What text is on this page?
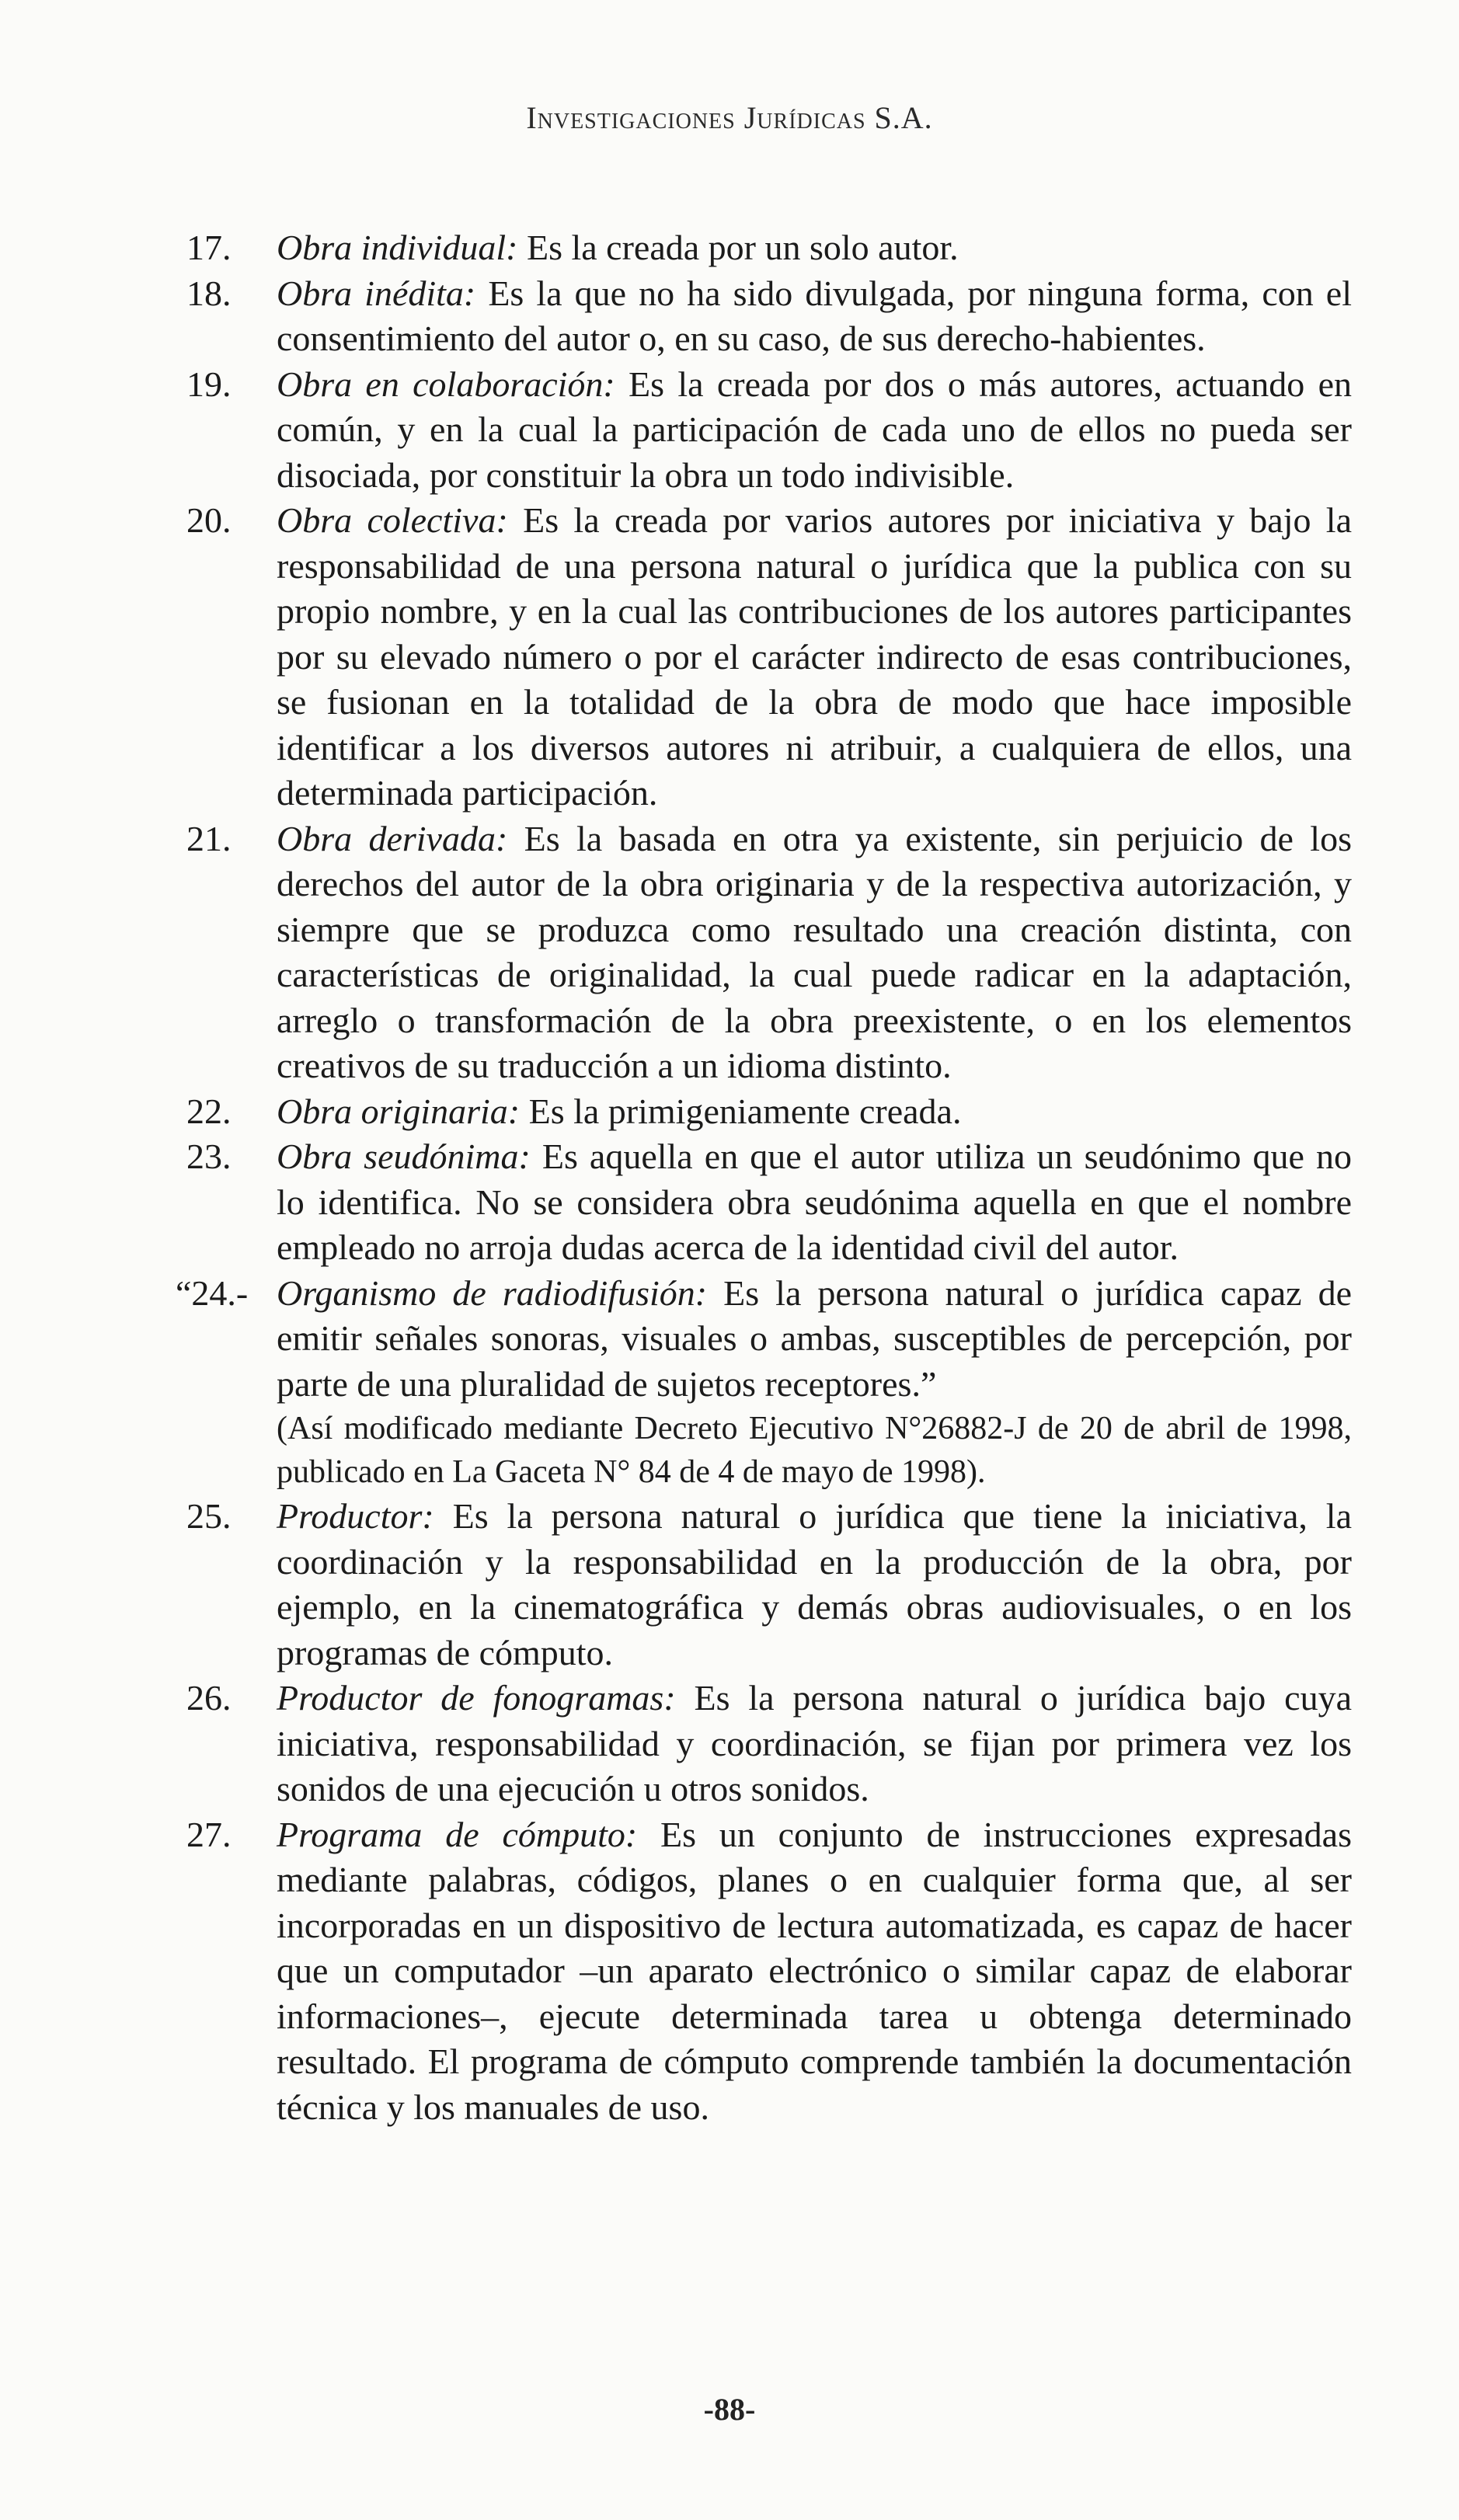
Investigaciones Jurídicas S.A.

17.	Obra individual: Es la creada por un solo autor.

18.	Obra inédita: Es la que no ha sido divulgada, por ninguna forma, con el consentimiento del autor o, en su caso, de sus derecho-habientes.

19.	Obra en colaboración: Es la creada por dos o más autores, actuando en común, y en la cual la participación de cada uno de ellos no pueda ser disociada, por constituir la obra un todo indivisible.

20.	Obra colectiva: Es la creada por varios autores por iniciativa y bajo la responsabilidad de una persona natural o jurídica que la publica con su propio nombre, y en la cual las contribuciones de los autores participantes por su elevado número o por el carácter indirecto de esas contribuciones, se fusionan en la totalidad de la obra de modo que hace imposible identificar a los diversos autores ni atribuir, a cualquiera de ellos, una determinada participación.

21.	Obra derivada: Es la basada en otra ya existente, sin perjuicio de los derechos del autor de la obra originaria y de la respectiva autorización, y siempre que se produzca como resultado una creación distinta, con características de originalidad, la cual puede radicar en la adaptación, arreglo o transformación de la obra preexistente, o en los elementos creativos de su traducción a un idioma distinto.

22.	Obra originaria: Es la primigeniamente creada.

23.	Obra seudónima: Es aquella en que el autor utiliza un seudónimo que no lo identifica. No se considera obra seudónima aquella en que el nombre empleado no arroja dudas acerca de la identidad civil del autor.

“24.- Organismo de radiodifusión: Es la persona natural o jurídica capaz de emitir señales sonoras, visuales o ambas, susceptibles de percepción, por parte de una pluralidad de sujetos receptores.”
(Así modificado mediante Decreto Ejecutivo N°26882-J de 20 de abril de 1998, publicado en La Gaceta N° 84 de 4 de mayo de 1998).

25.	Productor: Es la persona natural o jurídica que tiene la iniciativa, la coordinación y la responsabilidad en la producción de la obra, por ejemplo, en la cinematográfica y demás obras audiovisuales, o en los programas de cómputo.

26.	Productor de fonogramas: Es la persona natural o jurídica bajo cuya iniciativa, responsabilidad y coordinación, se fijan por primera vez los sonidos de una ejecución u otros sonidos.

27.	Programa de cómputo: Es un conjunto de instrucciones expresadas mediante palabras, códigos, planes o en cualquier forma que, al ser incorporadas en un dispositivo de lectura automatizada, es capaz de hacer que un computador –un aparato electrónico o similar capaz de elaborar informaciones–, ejecute determinada tarea u obtenga determinado resultado. El programa de cómputo comprende también la documentación técnica y los manuales de uso.

-88-
